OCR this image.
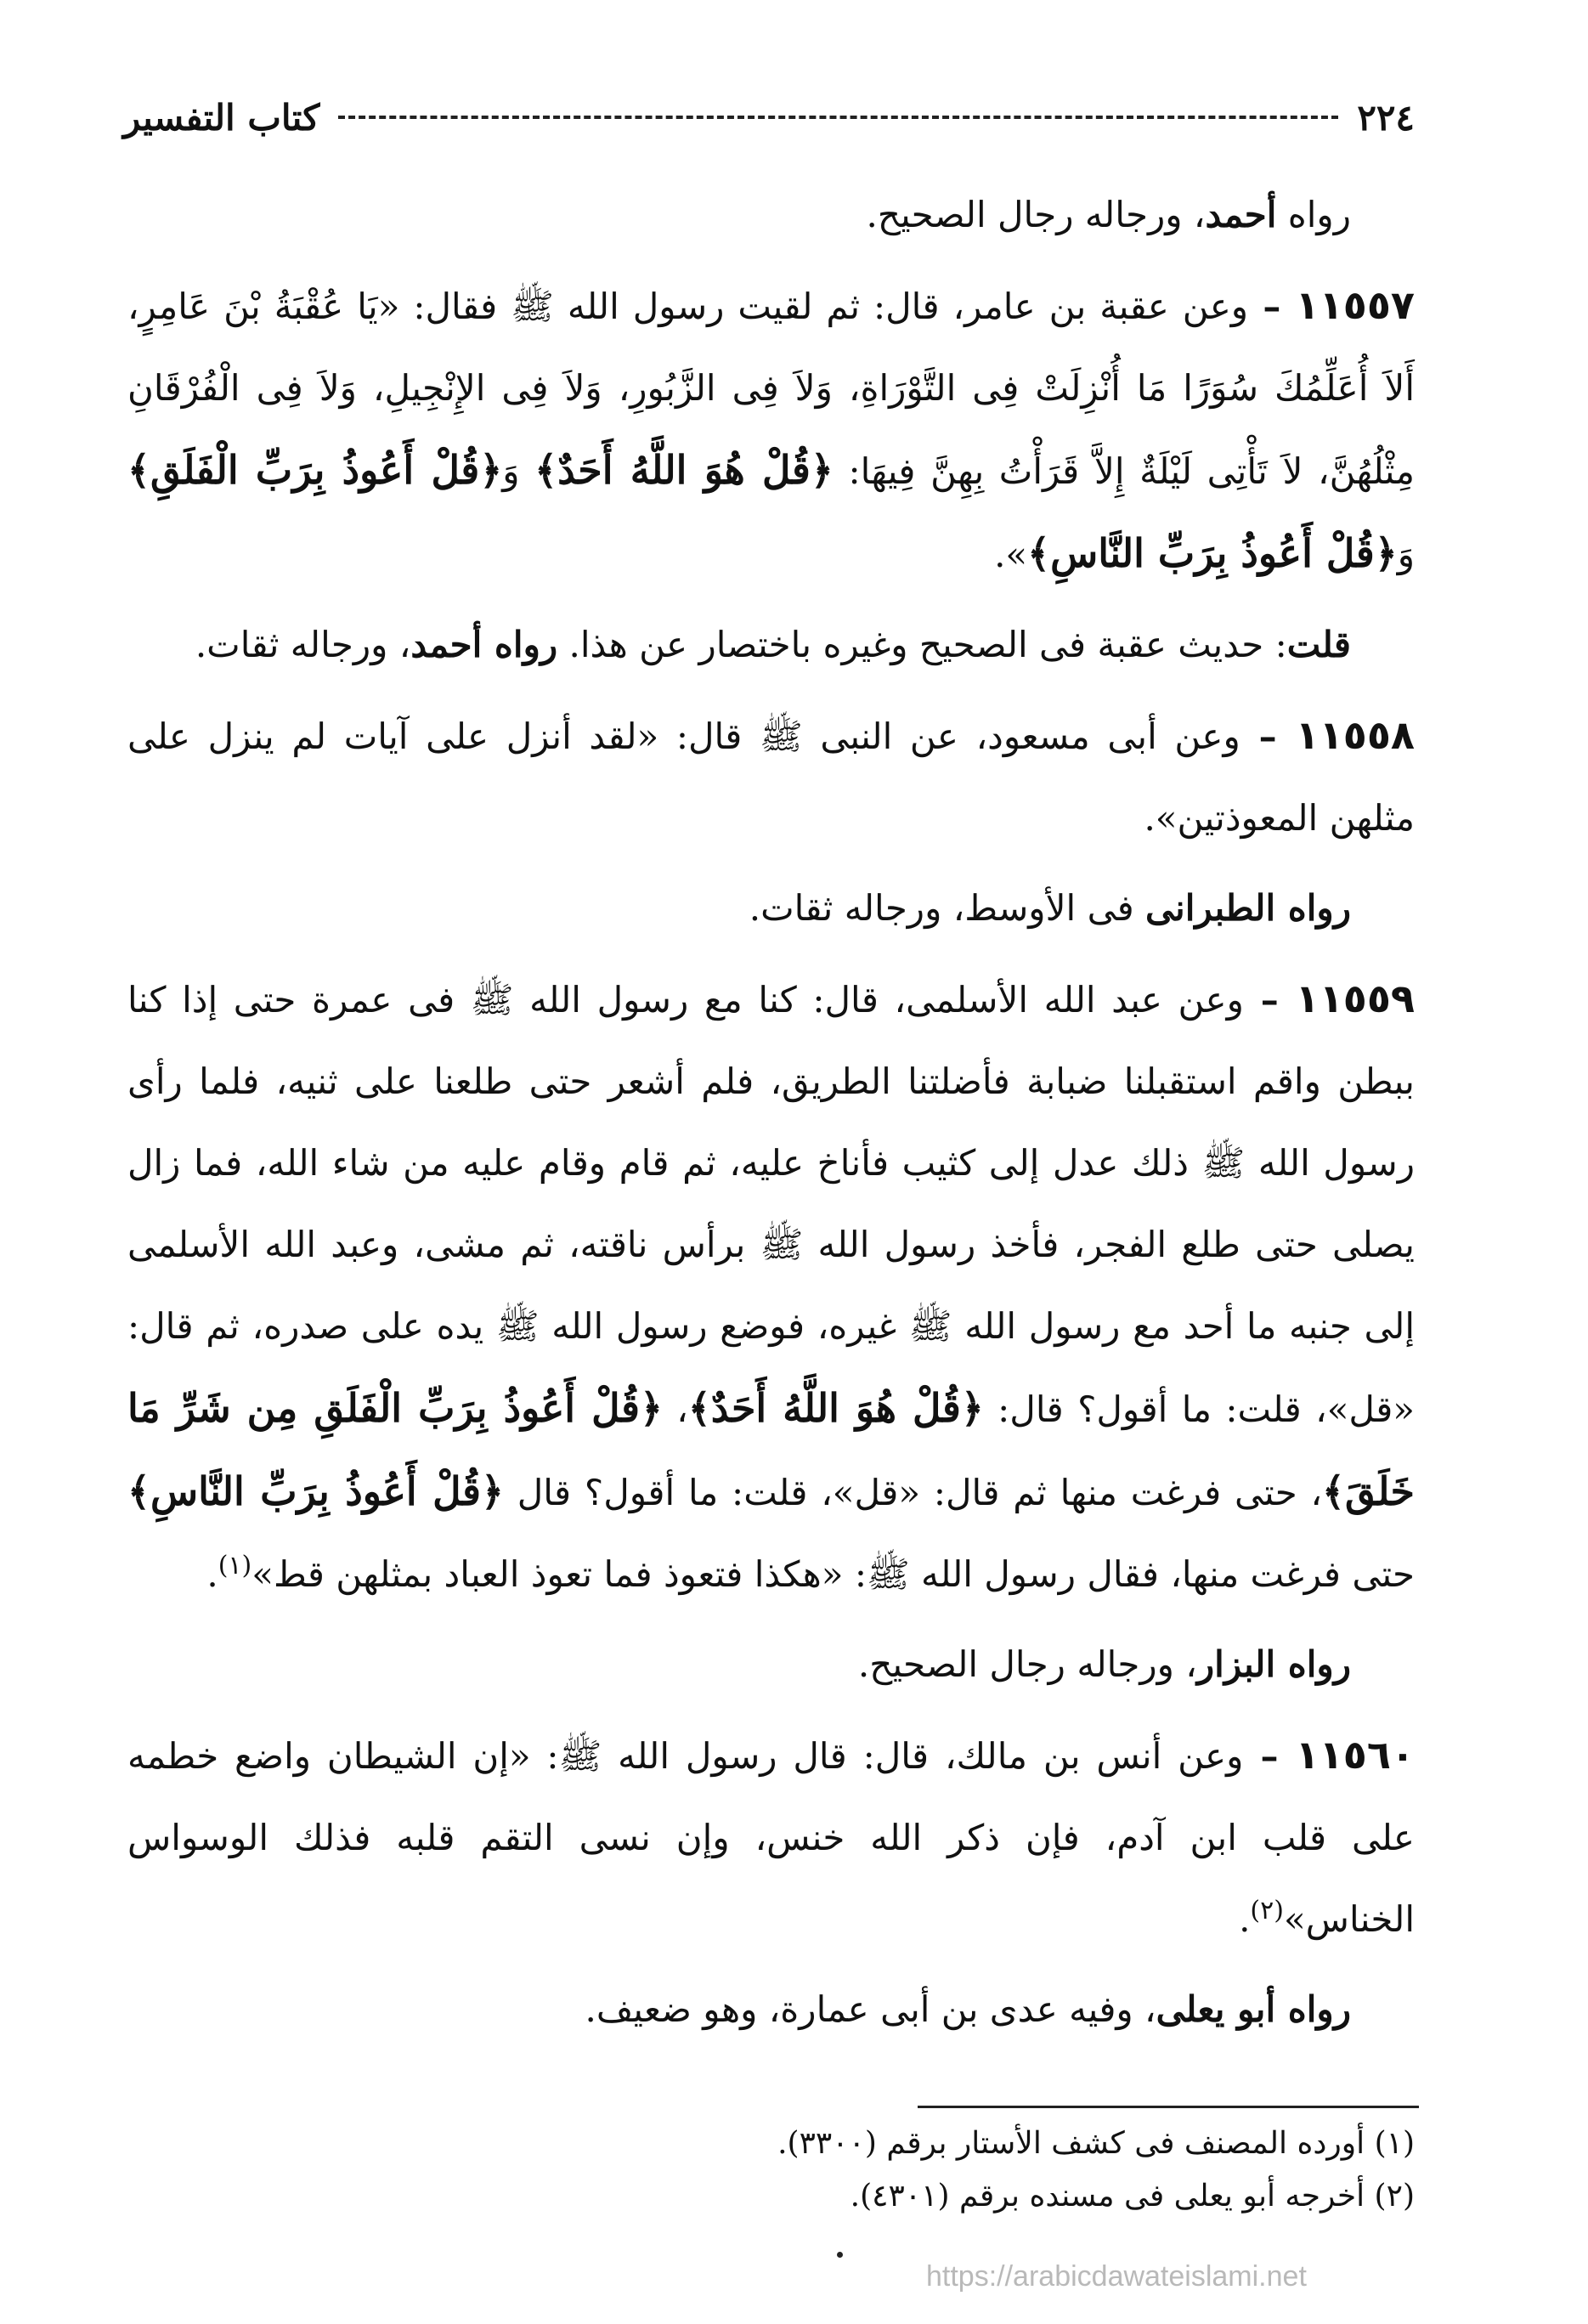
٢٢٤
كتاب التفسير

رواه أحمد، ورجاله رجال الصحيح.

١١٥٥٧ – وعن عقبة بن عامر، قال: ثم لقيت رسول الله ﷺ فقال: «يَا عُقْبَةُ بْنَ عَامِرٍ، أَلاَ أُعَلِّمُكَ سُوَرًا مَا أُنْزِلَتْ فِى التَّوْرَاةِ، وَلاَ فِى الزَّبُورِ، وَلاَ فِى الإِنْجِيلِ، وَلاَ فِى الْفُرْقَانِ مِثْلُهُنَّ، لاَ تَأْتِى لَيْلَةٌ إِلاَّ قَرَأْتُ بِهِنَّ فِيهَا: ﴿قُلْ هُوَ اللَّهُ أَحَدٌ﴾ وَ﴿قُلْ أَعُوذُ بِرَبِّ الْفَلَقِ﴾ وَ﴿قُلْ أَعُوذُ بِرَبِّ النَّاسِ﴾».

قلت: حديث عقبة فى الصحيح وغيره باختصار عن هذا. رواه أحمد، ورجاله ثقات.

١١٥٥٨ – وعن أبى مسعود، عن النبى ﷺ قال: «لقد أنزل على آيات لم ينزل على مثلهن المعوذتين».

رواه الطبرانى فى الأوسط، ورجاله ثقات.

١١٥٥٩ – وعن عبد الله الأسلمى، قال: كنا مع رسول الله ﷺ فى عمرة حتى إذا كنا ببطن واقم استقبلنا ضبابة فأضلتنا الطريق، فلم أشعر حتى طلعنا على ثنيه، فلما رأى رسول الله ﷺ ذلك عدل إلى كثيب فأناخ عليه، ثم قام وقام عليه من شاء الله، فما زال يصلى حتى طلع الفجر، فأخذ رسول الله ﷺ برأس ناقته، ثم مشى، وعبد الله الأسلمى إلى جنبه ما أحد مع رسول الله ﷺ غيره، فوضع رسول الله ﷺ يده على صدره، ثم قال: «قل»، قلت: ما أقول؟ قال: ﴿قُلْ هُوَ اللَّهُ أَحَدٌ﴾، ﴿قُلْ أَعُوذُ بِرَبِّ الْفَلَقِ مِن شَرِّ مَا خَلَقَ﴾، حتى فرغت منها ثم قال: «قل»، قلت: ما أقول؟ قال ﴿قُلْ أَعُوذُ بِرَبِّ النَّاسِ﴾ حتى فرغت منها، فقال رسول الله ﷺ: «هكذا فتعوذ فما تعوذ العباد بمثلهن قط»$^{(١)}$.

رواه البزار، ورجاله رجال الصحيح.

١١٥٦٠ – وعن أنس بن مالك، قال: قال رسول الله ﷺ: «إن الشيطان واضع خطمه على قلب ابن آدم، فإن ذكر الله خنس، وإن نسى التقم قلبه فذلك الوسواس الخناس»$^{(٢)}$.

رواه أبو يعلى، وفيه عدى بن أبى عمارة، وهو ضعيف.

(١) أورده المصنف فى كشف الأستار برقم (٣٣٠٠).

(٢) أخرجه أبو يعلى فى مسنده برقم (٤٣٠١).

https://arabicdawateislami.net
